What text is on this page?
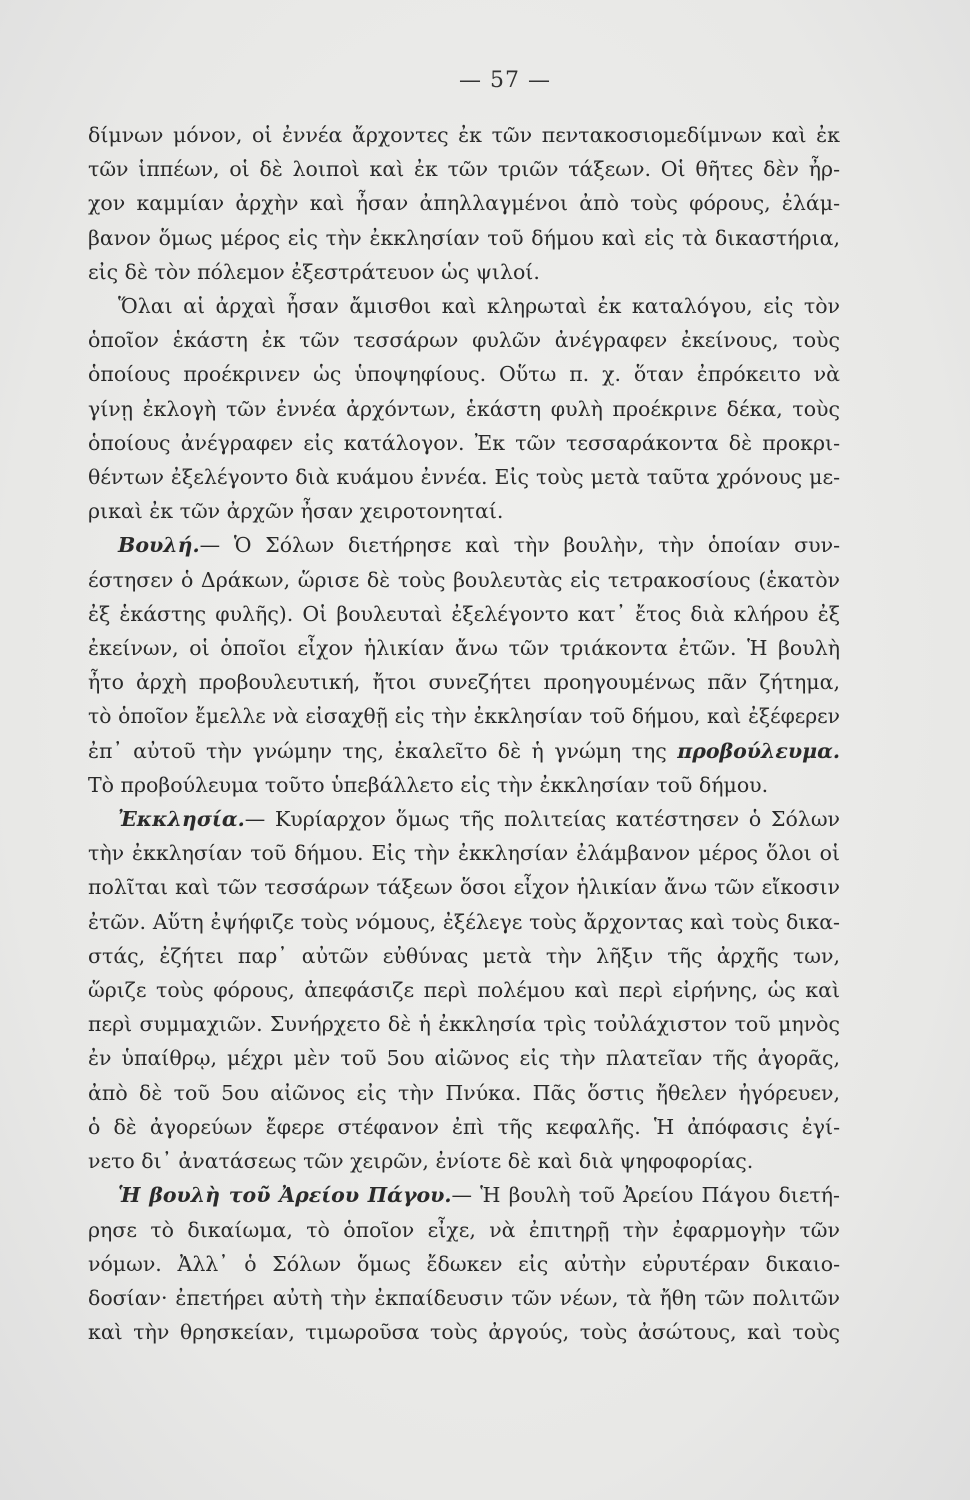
— 57 —

δίμνων μόνον, οἱ ἐννέα ἄρχοντες ἐκ τῶν πεντακοσιομεδίμνων καὶ ἐκ
τῶν ἱππέων, οἱ δὲ λοιποὶ καὶ ἐκ τῶν τριῶν τάξεων. Οἱ θῆτες δὲν ἦρ-
χον καμμίαν ἀρχὴν καὶ ἦσαν ἀπηλλαγμένοι ἀπὸ τοὺς φόρους, ἐλάμ-
βανον ὅμως μέρος εἰς τὴν ἐκκλησίαν τοῦ δήμου καὶ εἰς τὰ δικαστήρια,
εἰς δὲ τὸν πόλεμον ἐξεστράτευον ὡς ψιλοί.

Ὅλαι αἱ ἀρχαὶ ἦσαν ἄμισθοι καὶ κληρωταὶ ἐκ καταλόγου, εἰς τὸν
ὁποῖον ἑκάστη ἐκ τῶν τεσσάρων φυλῶν ἀνέγραφεν ἐκείνους, τοὺς
ὁποίους προέκρινεν ὡς ὑποψηφίους. Οὕτω π. χ. ὅταν ἐπρόκειτο νὰ
γίνῃ ἐκλογὴ τῶν ἐννέα ἀρχόντων, ἑκάστη φυλὴ προέκρινε δέκα, τοὺς
ὁποίους ἀνέγραφεν εἰς κατάλογον. Ἐκ τῶν τεσσαράκοντα δὲ προκρι-
θέντων ἐξελέγοντο διὰ κυάμου ἐννέα. Εἰς τοὺς μετὰ ταῦτα χρόνους με-
ρικαὶ ἐκ τῶν ἀρχῶν ἦσαν χειροτονηταί.

Βουλή.— Ὁ Σόλων διετήρησε καὶ τὴν βουλὴν, τὴν ὁποίαν συν-
έστησεν ὁ Δράκων, ὥρισε δὲ τοὺς βουλευτὰς εἰς τετρακοσίους (ἑκατὸν
ἐξ ἑκάστης φυλῆς). Οἱ βουλευταὶ ἐξελέγοντο κατ᾽ ἔτος διὰ κλήρου ἐξ
ἐκείνων, οἱ ὁποῖοι εἶχον ἡλικίαν ἄνω τῶν τριάκοντα ἐτῶν. Ἡ βουλὴ
ἦτο ἀρχὴ προβουλευτική, ἤτοι συνεζήτει προηγουμένως πᾶν ζήτημα,
τὸ ὁποῖον ἔμελλε νὰ εἰσαχθῇ εἰς τὴν ἐκκλησίαν τοῦ δήμου, καὶ ἐξέφερεν
ἐπ᾽ αὐτοῦ τὴν γνώμην της, ἐκαλεῖτο δὲ ἡ γνώμη της προβούλευμα.
Τὸ προβούλευμα τοῦτο ὑπεβάλλετο εἰς τὴν ἐκκλησίαν τοῦ δήμου.

Ἐκκλησία.— Κυρίαρχον ὅμως τῆς πολιτείας κατέστησεν ὁ Σόλων
τὴν ἐκκλησίαν τοῦ δήμου. Εἰς τὴν ἐκκλησίαν ἐλάμβανον μέρος ὅλοι οἱ
πολῖται καὶ τῶν τεσσάρων τάξεων ὅσοι εἶχον ἡλικίαν ἄνω τῶν εἴκοσιν
ἐτῶν. Αὕτη ἐψήφιζε τοὺς νόμους, ἐξέλεγε τοὺς ἄρχοντας καὶ τοὺς δικα-
στάς, ἐζήτει παρ᾽ αὐτῶν εὐθύνας μετὰ τὴν λῆξιν τῆς ἀρχῆς των,
ὥριζε τοὺς φόρους, ἀπεφάσιζε περὶ πολέμου καὶ περὶ εἰρήνης, ὡς καὶ
περὶ συμμαχιῶν. Συνήρχετο δὲ ἡ ἐκκλησία τρὶς τοὐλάχιστον τοῦ μηνὸς
ἐν ὑπαίθρῳ, μέχρι μὲν τοῦ 5ου αἰῶνος εἰς τὴν πλατεῖαν τῆς ἀγορᾶς,
ἀπὸ δὲ τοῦ 5ου αἰῶνος εἰς τὴν Πνύκα. Πᾶς ὅστις ἤθελεν ἠγόρευεν,
ὁ δὲ ἀγορεύων ἔφερε στέφανον ἐπὶ τῆς κεφαλῆς. Ἡ ἀπόφασις ἐγί-
νετο δι᾽ ἀνατάσεως τῶν χειρῶν, ἐνίοτε δὲ καὶ διὰ ψηφοφορίας.

Ἡ βουλὴ τοῦ Ἀρείου Πάγου.— Ἡ βουλὴ τοῦ Ἀρείου Πάγου διετή-
ρησε τὸ δικαίωμα, τὸ ὁποῖον εἶχε, νὰ ἐπιτηρῇ τὴν ἐφαρμογὴν τῶν
νόμων. Ἀλλ᾽ ὁ Σόλων ὅμως ἔδωκεν εἰς αὐτὴν εὐρυτέραν δικαιο-
δοσίαν· ἐπετήρει αὐτὴ τὴν ἐκπαίδευσιν τῶν νέων, τὰ ἤθη τῶν πολιτῶν
καὶ τὴν θρησκείαν, τιμωροῦσα τοὺς ἀργούς, τοὺς ἀσώτους, καὶ τοὺς
